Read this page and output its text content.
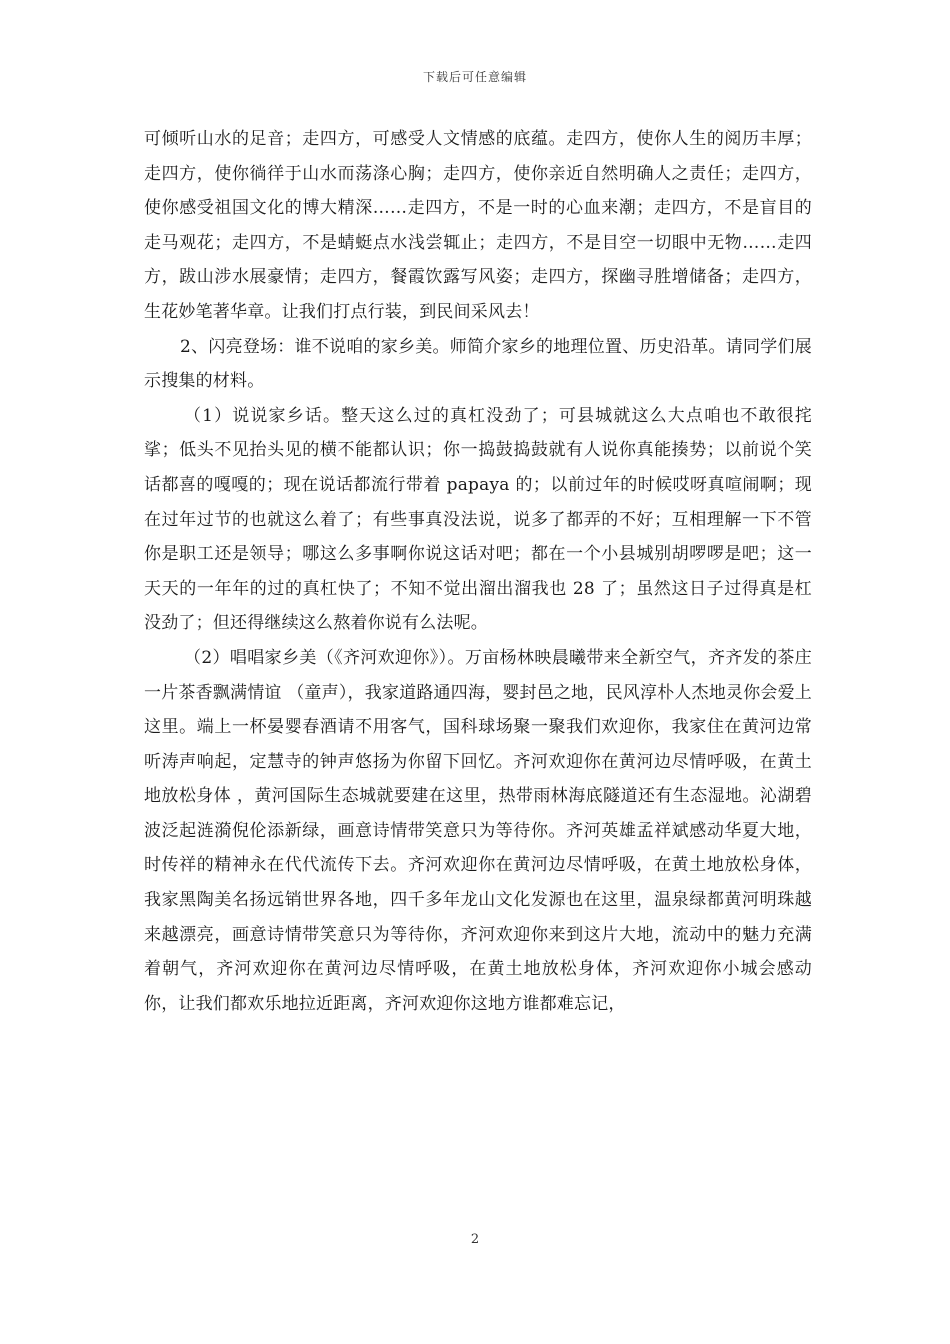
下载后可任意编辑

可倾听山水的足音；走四方，可感受人文情感的底蕴。走四方，使你人生的阅历丰厚；走四方，使你徜徉于山水而荡涤心胸；走四方，使你亲近自然明确人之责任；走四方，使你感受祖国文化的博大精深……走四方，不是一时的心血来潮；走四方，不是盲目的走马观花；走四方，不是蜻蜓点水浅尝辄止；走四方，不是目空一切眼中无物……走四方，跋山涉水展豪情；走四方，餐霞饮露写风姿；走四方，探幽寻胜增储备；走四方，生花妙笔著华章。让我们打点行装，到民间采风去！

2、闪亮登场：谁不说咱的家乡美。师简介家乡的地理位置、历史沿革。请同学们展示搜集的材料。

（1）说说家乡话。整天这么过的真杠没劲了；可县城就这么大点咱也不敢很挓挲；低头不见抬头见的横不能都认识；你一捣鼓捣鼓就有人说你真能揍势；以前说个笑话都喜的嘎嘎的；现在说话都流行带着 papaya 的；以前过年的时候哎呀真喧闹啊；现在过年过节的也就这么着了；有些事真没法说，说多了都弄的不好；互相理解一下不管你是职工还是领导；哪这么多事啊你说这话对吧；都在一个小县城别胡啰啰是吧；这一天天的一年年的过的真杠快了；不知不觉出溜出溜我也 28 了；虽然这日子过得真是杠没劲了；但还得继续这么熬着你说有么法呢。

（2）唱唱家乡美（《齐河欢迎你》）。万亩杨林映晨曦带来全新空气，齐齐发的茶庄一片茶香飘满情谊 （童声），我家道路通四海，婴封邑之地，民风淳朴人杰地灵你会爱上这里。端上一杯晏婴春酒请不用客气，国科球场聚一聚我们欢迎你，我家住在黄河边常听涛声响起，定慧寺的钟声悠扬为你留下回忆。齐河欢迎你在黄河边尽情呼吸，在黄土地放松身体 ，黄河国际生态城就要建在这里，热带雨林海底隧道还有生态湿地。沁湖碧波泛起涟漪倪伦添新绿，画意诗情带笑意只为等待你。齐河英雄孟祥斌感动华夏大地，时传祥的精神永在代代流传下去。齐河欢迎你在黄河边尽情呼吸，在黄土地放松身体，我家黑陶美名扬远销世界各地，四千多年龙山文化发源也在这里，温泉绿都黄河明珠越来越漂亮，画意诗情带笑意只为等待你，齐河欢迎你来到这片大地，流动中的魅力充满着朝气，齐河欢迎你在黄河边尽情呼吸，在黄土地放松身体，齐河欢迎你小城会感动你，让我们都欢乐地拉近距离，齐河欢迎你这地方谁都难忘记，

2
